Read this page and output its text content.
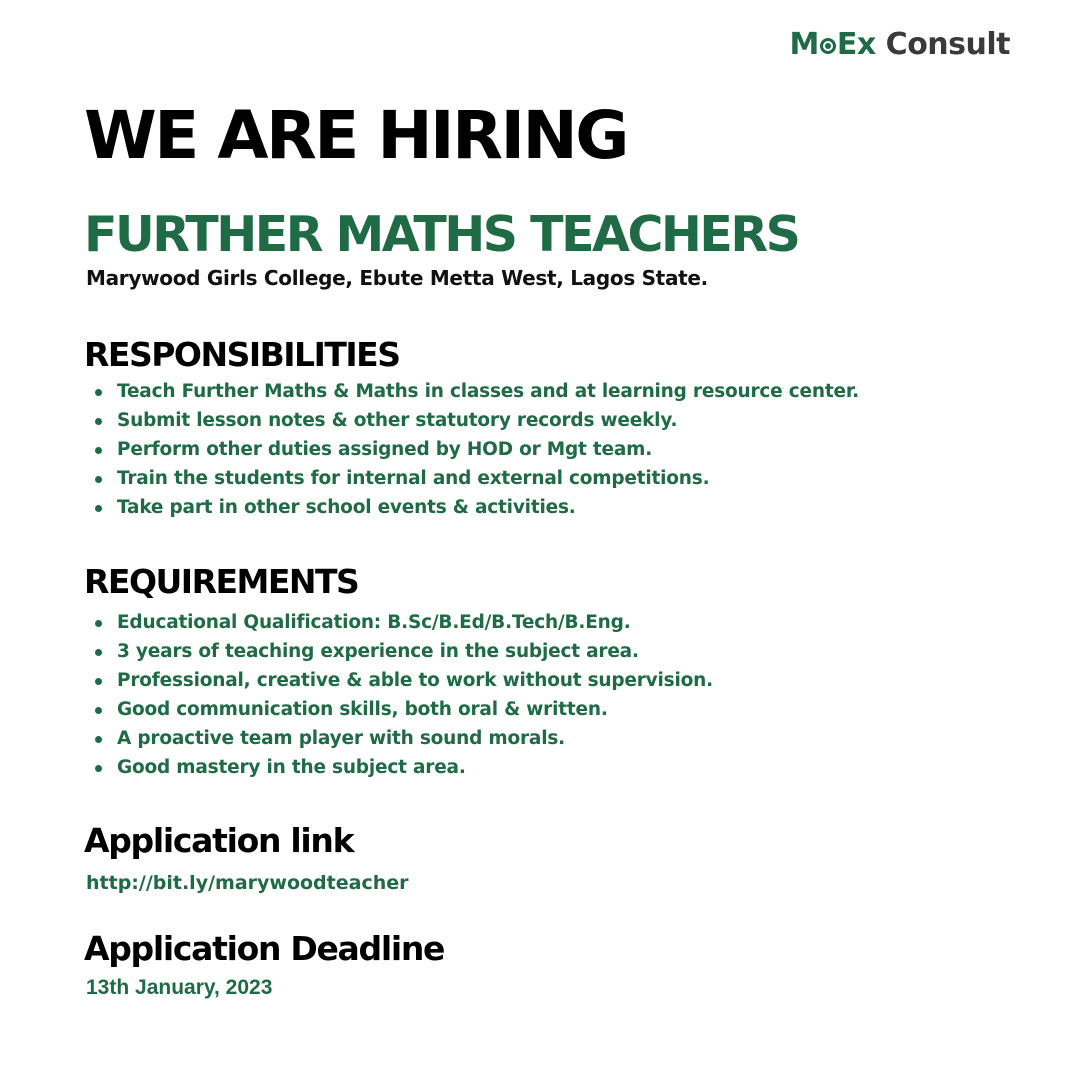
M Ex Consult
WE ARE HIRING
FURTHER MATHS TEACHERS
Marywood Girls College, Ebute Metta West, Lagos State.
RESPONSIBILITIES
Teach Further Maths & Maths in classes and at learning resource center.
Submit lesson notes & other statutory records weekly.
Perform other duties assigned by HOD or Mgt team.
Train the students for internal and external competitions.
Take part in other school events & activities.
REQUIREMENTS
Educational Qualification: B.Sc/B.Ed/B.Tech/B.Eng.
3 years of teaching experience in the subject area.
Professional, creative & able to work without supervision.
Good communication skills, both oral & written.
A proactive team player with sound morals.
Good mastery in the subject area.
Application link
http://bit.ly/marywoodteacher
Application Deadline
13th January, 2023
